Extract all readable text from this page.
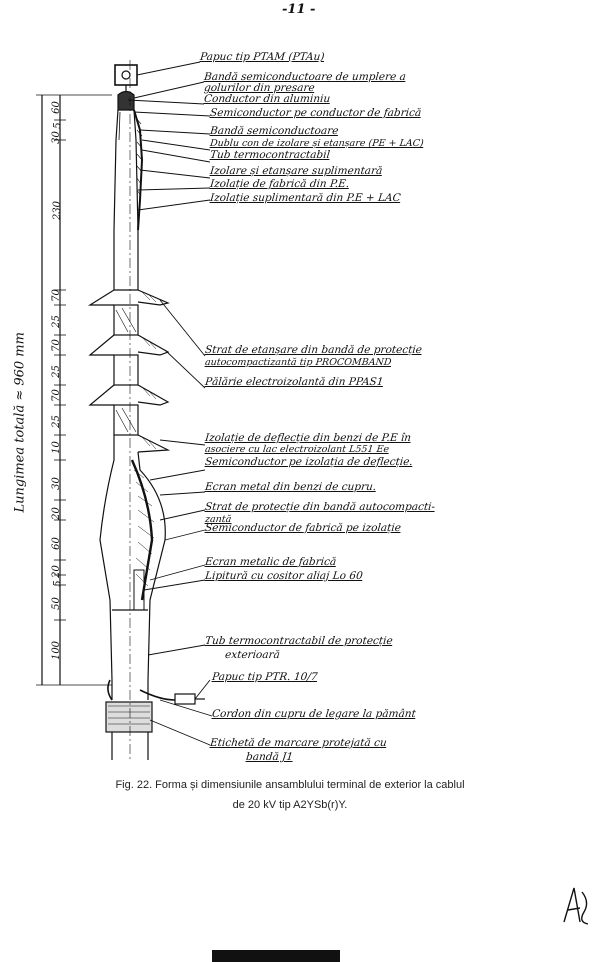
-11 -
Papuc tip PTAM (PTAu)
Bandă semiconductoare de umplere a
golurilor din presare
Conductor din aluminiu
Semiconductor pe conductor de fabrică
Bandă semiconductoare
Dublu con de izolare și etanșare (PE + LAC)
Tub termocontractabil
Izolare și etanșare suplimentară
Izolație de fabrică din P.E.
Izolație suplimentară din P.E + LAC
Strat de etanșare din bandă de protecție
autocompactizantă tip PROCOMBAND
Pălărie electroizolantă din PPAS1
Izolație de deflecție din benzi de P.E în
asociere cu lac electroizolant L551 Ee
Semiconductor pe izolația de deflecție.
Ecran metal din benzi de cupru.
Strat de protecție din bandă autocompacti-
zantă
Semiconductor de fabrică pe izolație
Ecran metalic de fabrică
Lipitură cu cositor aliaj Lo 60
Tub termocontractabil de protecție
exterioară
Papuc tip PTR. 10/7
Cordon din cupru de legare la pământ
Etichetă de marcare protejată cu
bandă J1
30
5
60
230
70
25
70
25
70
25
10
30
20
60
20
5
50
100
Lungimea totală ≈ 960 mm
Fig. 22. Forma și dimensiunile ansamblului terminal de exterior la cablul
de 20 kV tip A2YSb(r)Y.
